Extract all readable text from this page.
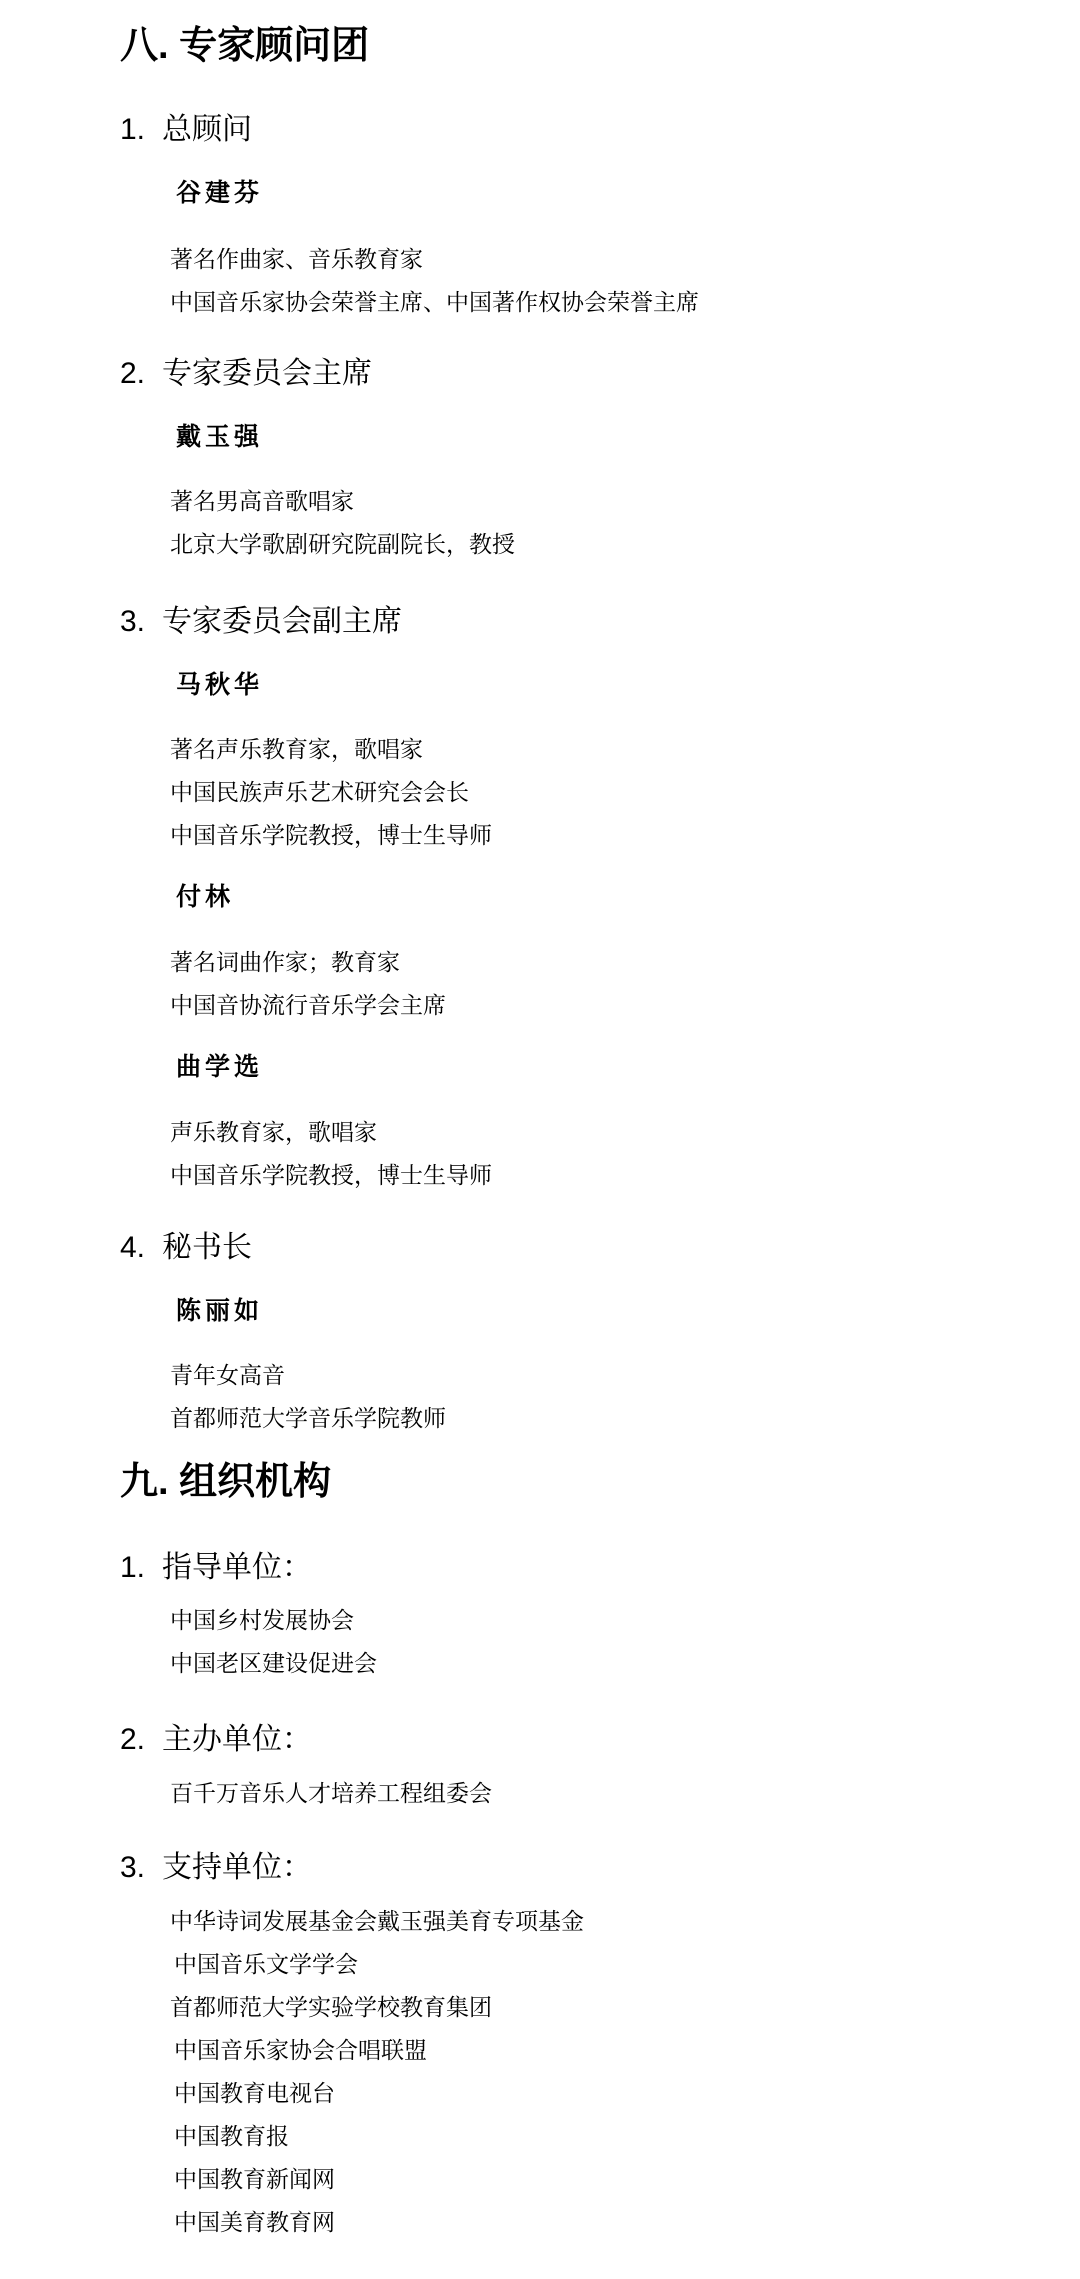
八. 专家顾问团
1. 总顾问
谷建芬
著名作曲家、音乐教育家
中国音乐家协会荣誉主席、中国著作权协会荣誉主席
2. 专家委员会主席
戴玉强
著名男高音歌唱家
北京大学歌剧研究院副院长，教授
3. 专家委员会副主席
马秋华
著名声乐教育家，歌唱家
中国民族声乐艺术研究会会长
中国音乐学院教授，博士生导师
付林
著名词曲作家；教育家
中国音协流行音乐学会主席
曲学选
声乐教育家，歌唱家
中国音乐学院教授，博士生导师
4. 秘书长
陈丽如
青年女高音
首都师范大学音乐学院教师
九. 组织机构
1. 指导单位：
中国乡村发展协会
中国老区建设促进会
2. 主办单位：
百千万音乐人才培养工程组委会
3. 支持单位：
中华诗词发展基金会戴玉强美育专项基金
中国音乐文学学会
首都师范大学实验学校教育集团
中国音乐家协会合唱联盟
中国教育电视台
中国教育报
中国教育新闻网
中国美育教育网
